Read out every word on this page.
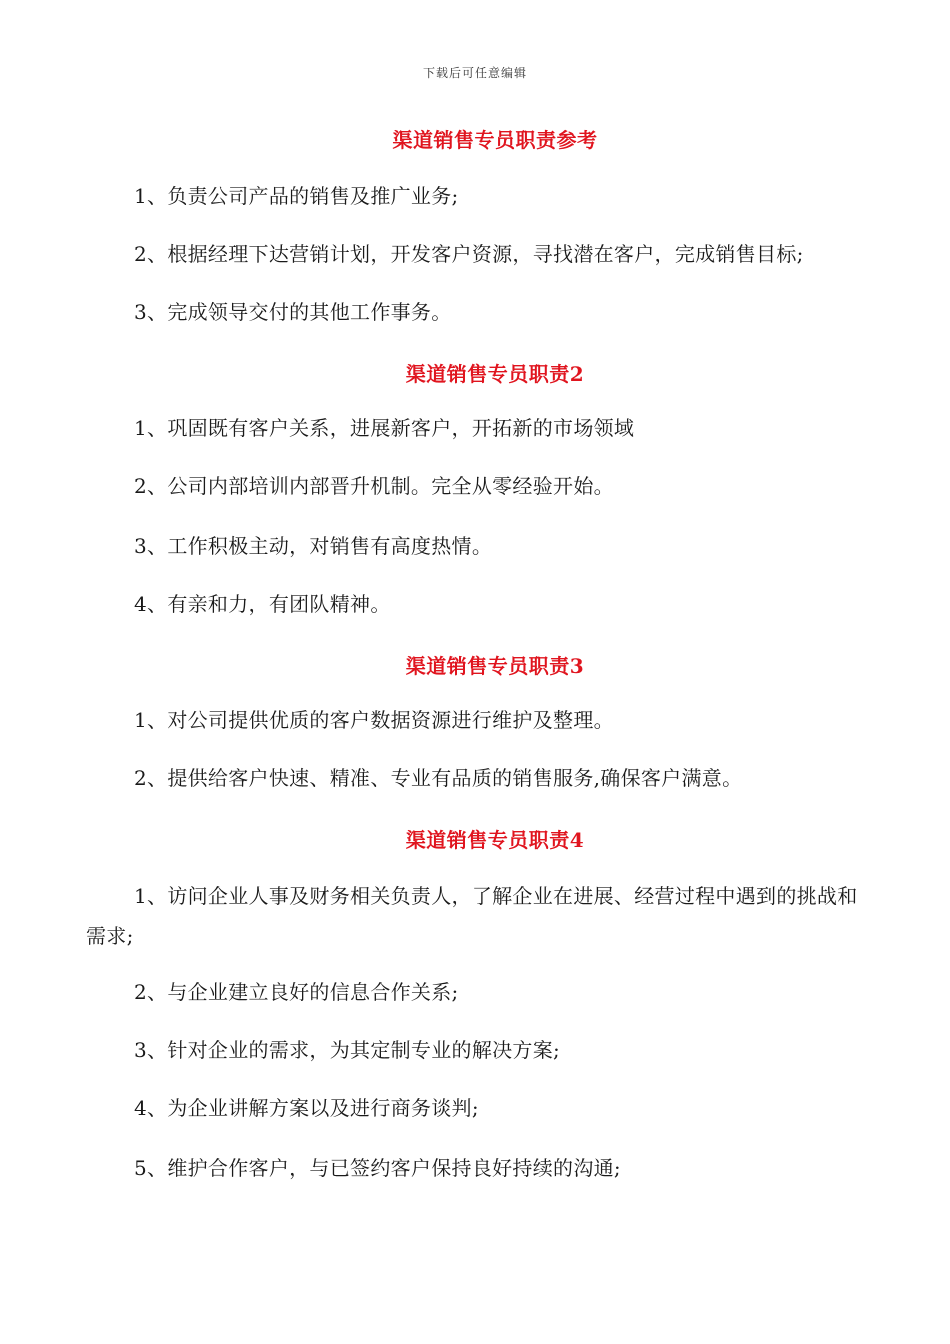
下载后可任意编辑
渠道销售专员职责参考
1、负责公司产品的销售及推广业务;
2、根据经理下达营销计划，开发客户资源，寻找潜在客户，完成销售目标;
3、完成领导交付的其他工作事务。
渠道销售专员职责2
1、巩固既有客户关系，进展新客户，开拓新的市场领域
2、公司内部培训内部晋升机制。完全从零经验开始。
3、工作积极主动，对销售有高度热情。
4、有亲和力，有团队精神。
渠道销售专员职责3
1、对公司提供优质的客户数据资源进行维护及整理。
2、提供给客户快速、精准、专业有品质的销售服务,确保客户满意。
渠道销售专员职责4
1、访问企业人事及财务相关负责人，了解企业在进展、经营过程中遇到的挑战和需求;
2、与企业建立良好的信息合作关系;
3、针对企业的需求，为其定制专业的解决方案;
4、为企业讲解方案以及进行商务谈判;
5、维护合作客户，与已签约客户保持良好持续的沟通;
